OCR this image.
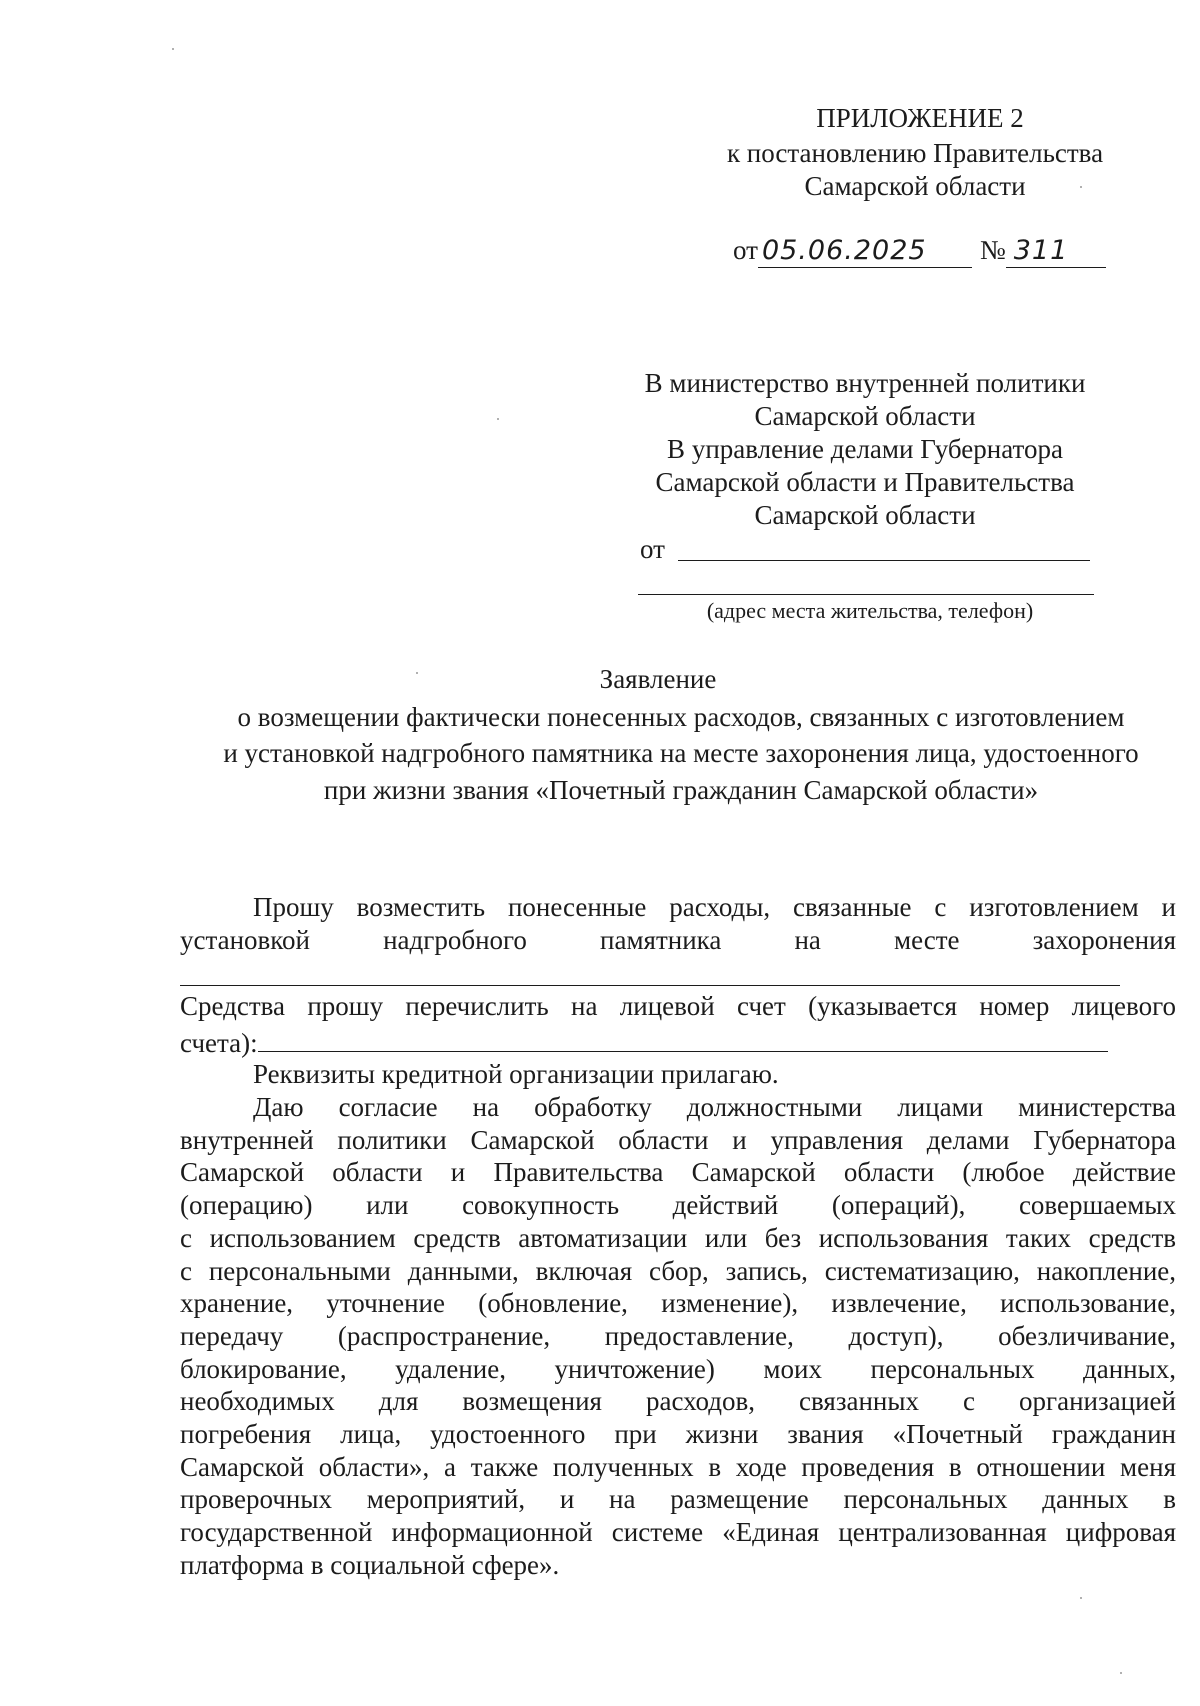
ПРИЛОЖЕНИЕ 2
к постановлению Правительства
Самарской области
от 05.06.2025 № 311
В министерство внутренней политики
Самарской области
В управление делами Губернатора
Самарской области и Правительства
Самарской области
от
(адрес места жительства, телефон)
Заявление
о возмещении фактически понесенных расходов, связанных с изготовлением
и установкой надгробного памятника на месте захоронения лица, удостоенного
при жизни звания «Почетный гражданин Самарской области»
Прошу возместить понесенные расходы, связанные с изготовлением и
установкой надгробного памятника на месте захоронения
Средства прошу перечислить на лицевой счет (указывается номер лицевого
счета):
Реквизиты кредитной организации прилагаю.
Даю согласие на обработку должностными лицами министерства
внутренней политики Самарской области и управления делами Губернатора
Самарской области и Правительства Самарской области (любое действие
(операцию) или совокупность действий (операций), совершаемых
с использованием средств автоматизации или без использования таких средств
с персональными данными, включая сбор, запись, систематизацию, накопление,
хранение, уточнение (обновление, изменение), извлечение, использование,
передачу (распространение, предоставление, доступ), обезличивание,
блокирование, удаление, уничтожение) моих персональных данных,
необходимых для возмещения расходов, связанных с организацией
погребения лица, удостоенного при жизни звания «Почетный гражданин
Самарской области», а также полученных в ходе проведения в отношении меня
проверочных мероприятий, и на размещение персональных данных в
государственной информационной системе «Единая централизованная цифровая
платформа в социальной сфере».
